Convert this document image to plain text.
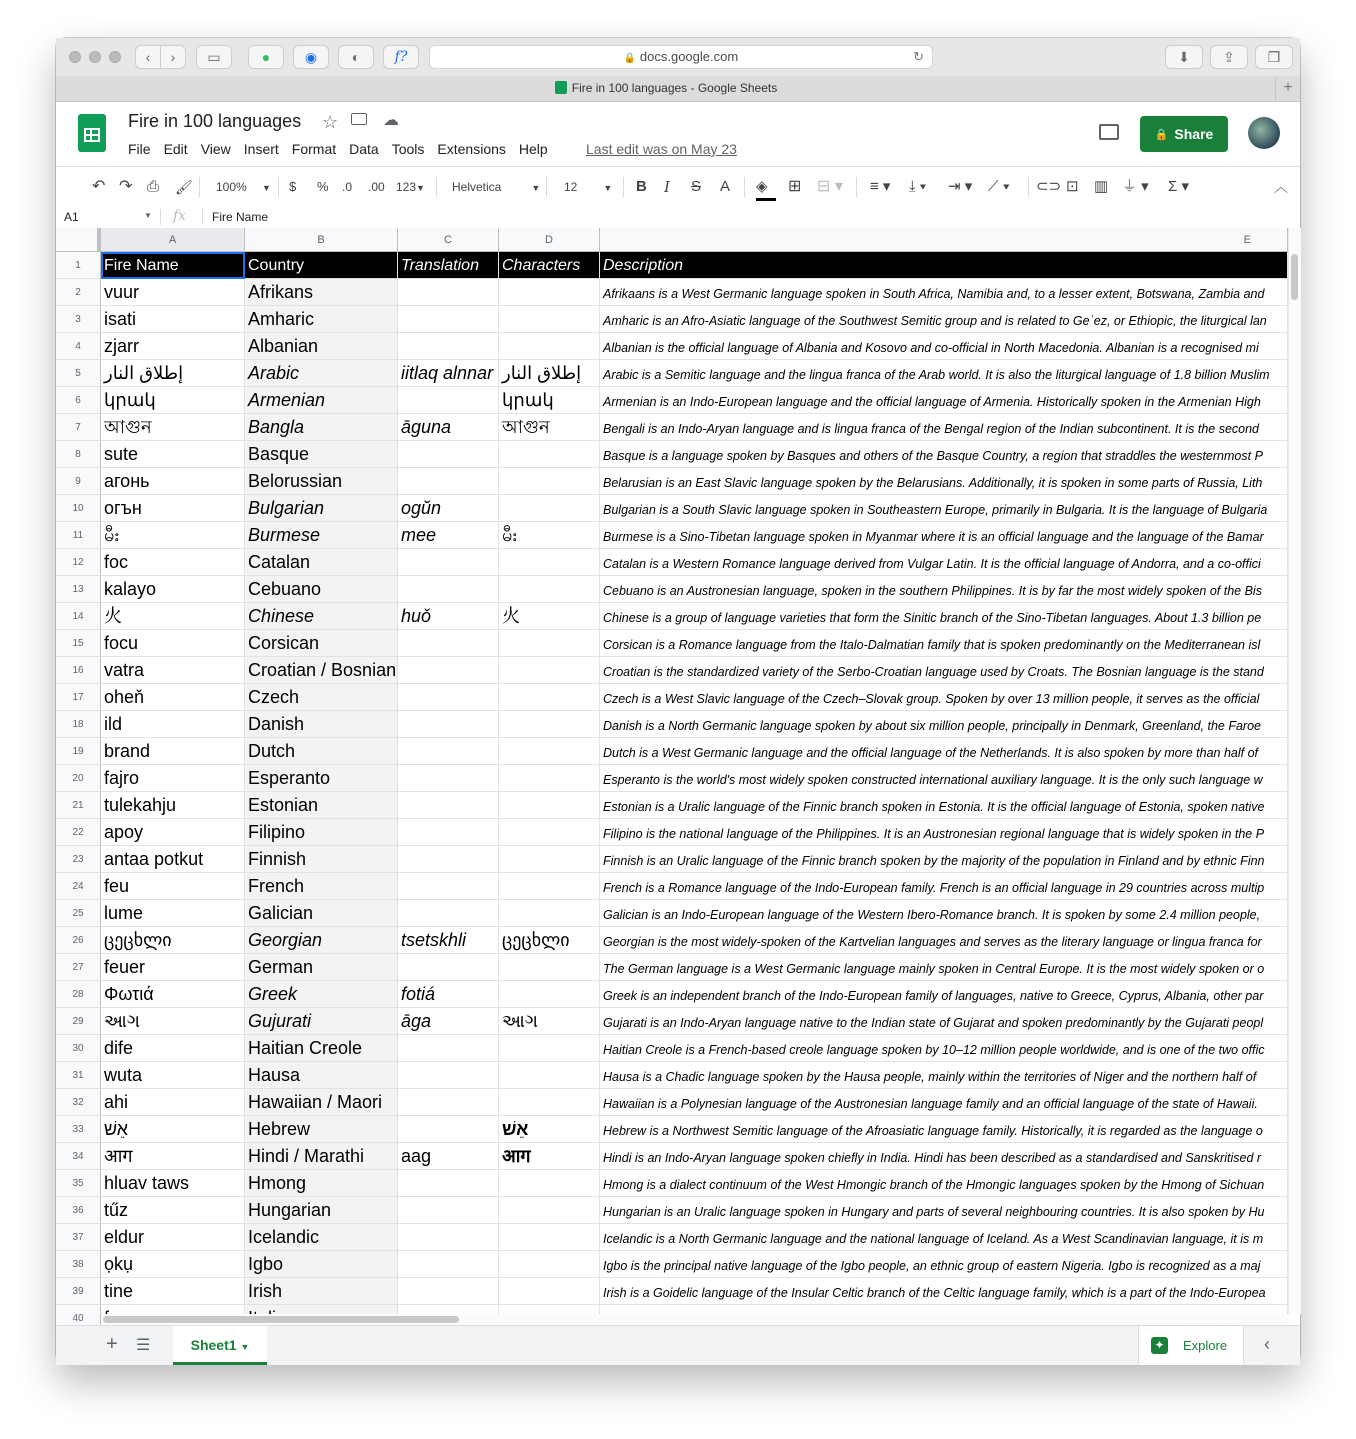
‹ › ▭	● ◉ ◐ f?	🔒 docs.google.com	↻	⬇ ⇪ ❐
Fire in 100 languages - Google Sheets	+
Fire in 100 languages ☆	☁
File Edit View Insert Format Data Tools Extensions Help	Last edit was on May 23
🔒 Share
↶ ↷ ⎙ 🖌 100% ▼ $ % .0 .00 123▼ Helvetica	▼ 12	▼ B I S A ◈ ⊞ ⊟ ▾ ≡ ▾ ⤓ ▾ ⇥ ▾ ⟋ ▾ ⊂⊃ ⊡ ▥ ⏚ ▾ Σ ▾	︿
A1	▼ fx Fire Name
A	B	C	D	E
1	Fire Name	Country	Translation	Characters	Description
2	vuur	Afrikans	Afrikaans is a West Germanic language spoken in South Africa, Namibia and, to a lesser extent, Botswana, Zambia and
3	isati	Amharic	Amharic is an Afro-Asiatic language of the Southwest Semitic group and is related to Geʿez, or Ethiopic, the liturgical lan
4	zjarr	Albanian	Albanian is the official language of Albania and Kosovo and co-official in North Macedonia. Albanian is a recognised mi
5	إطلاق النار	Arabic	iitlaq alnnar إطلاق النار	Arabic is a Semitic language and the lingua franca of the Arab world. It is also the liturgical language of 1.8 billion Muslim
6	կրակ	Armenian	կրակ	Armenian is an Indo-European language and the official language of Armenia. Historically spoken in the Armenian High
7	আগুন	Bangla	āguna	আগুন	Bengali is an Indo-Aryan language and is lingua franca of the Bengal region of the Indian subcontinent. It is the second
8	sute	Basque	Basque is a language spoken by Basques and others of the Basque Country, a region that straddles the westernmost P
9	агонь	Belorussian	Belarusian is an East Slavic language spoken by the Belarusians. Additionally, it is spoken in some parts of Russia, Lith
10	огън	Bulgarian	ogŭn	Bulgarian is a South Slavic language spoken in Southeastern Europe, primarily in Bulgaria. It is the language of Bulgaria
11	မီး	Burmese	mee	မီး	Burmese is a Sino-Tibetan language spoken in Myanmar where it is an official language and the language of the Bamar
12	foc	Catalan	Catalan is a Western Romance language derived from Vulgar Latin. It is the official language of Andorra, and a co-offici
13	kalayo	Cebuano	Cebuano is an Austronesian language, spoken in the southern Philippines. It is by far the most widely spoken of the Bis
14	火	Chinese	huǒ	火	Chinese is a group of language varieties that form the Sinitic branch of the Sino-Tibetan languages. About 1.3 billion pe
15	focu	Corsican	Corsican is a Romance language from the Italo-Dalmatian family that is spoken predominantly on the Mediterranean isl
16	vatra	Croatian / Bosnian	Croatian is the standardized variety of the Serbo-Croatian language used by Croats. The Bosnian language is the stand
17	oheň	Czech	Czech is a West Slavic language of the Czech–Slovak group. Spoken by over 13 million people, it serves as the official
18	ild	Danish	Danish is a North Germanic language spoken by about six million people, principally in Denmark, Greenland, the Faroe
19	brand	Dutch	Dutch is a West Germanic language and the official language of the Netherlands. It is also spoken by more than half of
20	fajro	Esperanto	Esperanto is the world's most widely spoken constructed international auxiliary language. It is the only such language w
21	tulekahju	Estonian	Estonian is a Uralic language of the Finnic branch spoken in Estonia. It is the official language of Estonia, spoken native
22	apoy	Filipino	Filipino is the national language of the Philippines. It is an Austronesian regional language that is widely spoken in the P
23	antaa potkut	Finnish	Finnish is an Uralic language of the Finnic branch spoken by the majority of the population in Finland and by ethnic Finn
24	feu	French	French is a Romance language of the Indo-European family. French is an official language in 29 countries across multip
25	lume	Galician	Galician is an Indo-European language of the Western Ibero-Romance branch. It is spoken by some 2.4 million people,
26	ცეცხლი	Georgian	tsetskhli	ცეცხლი	Georgian is the most widely-spoken of the Kartvelian languages and serves as the literary language or lingua franca for
27	feuer	German	The German language is a West Germanic language mainly spoken in Central Europe. It is the most widely spoken or o
28	Φωτιά	Greek	fotiá	Greek is an independent branch of the Indo-European family of languages, native to Greece, Cyprus, Albania, other par
29	આગ	Gujurati	āga	આગ	Gujarati is an Indo-Aryan language native to the Indian state of Gujarat and spoken predominantly by the Gujarati peopl
30	dife	Haitian Creole	Haitian Creole is a French-based creole language spoken by 10–12 million people worldwide, and is one of the two offic
31	wuta	Hausa	Hausa is a Chadic language spoken by the Hausa people, mainly within the territories of Niger and the northern half of
32	ahi	Hawaiian / Maori	Hawaiian is a Polynesian language of the Austronesian language family and an official language of the state of Hawaii.
33	אֵשׁ	Hebrew	אֵשׁ	Hebrew is a Northwest Semitic language of the Afroasiatic language family. Historically, it is regarded as the language o
34	आग	Hindi / Marathi	aag	आग	Hindi is an Indo-Aryan language spoken chiefly in India. Hindi has been described as a standardised and Sanskritised r
35	hluav taws	Hmong	Hmong is a dialect continuum of the West Hmongic branch of the Hmongic languages spoken by the Hmong of Sichuan
36	tűz	Hungarian	Hungarian is an Uralic language spoken in Hungary and parts of several neighbouring countries. It is also spoken by Hu
37	eldur	Icelandic	Icelandic is a North Germanic language and the national language of Iceland. As a West Scandinavian language, it is m
38	ọkụ	Igbo	Igbo is the principal native language of the Igbo people, an ethnic group of eastern Nigeria. Igbo is recognized as a maj
39	tine	Irish	Irish is a Goidelic language of the Insular Celtic branch of the Celtic language family, which is a part of the Indo-Europea
40
+ ☰	Sheet1 ▼	✦ Explore ‹
